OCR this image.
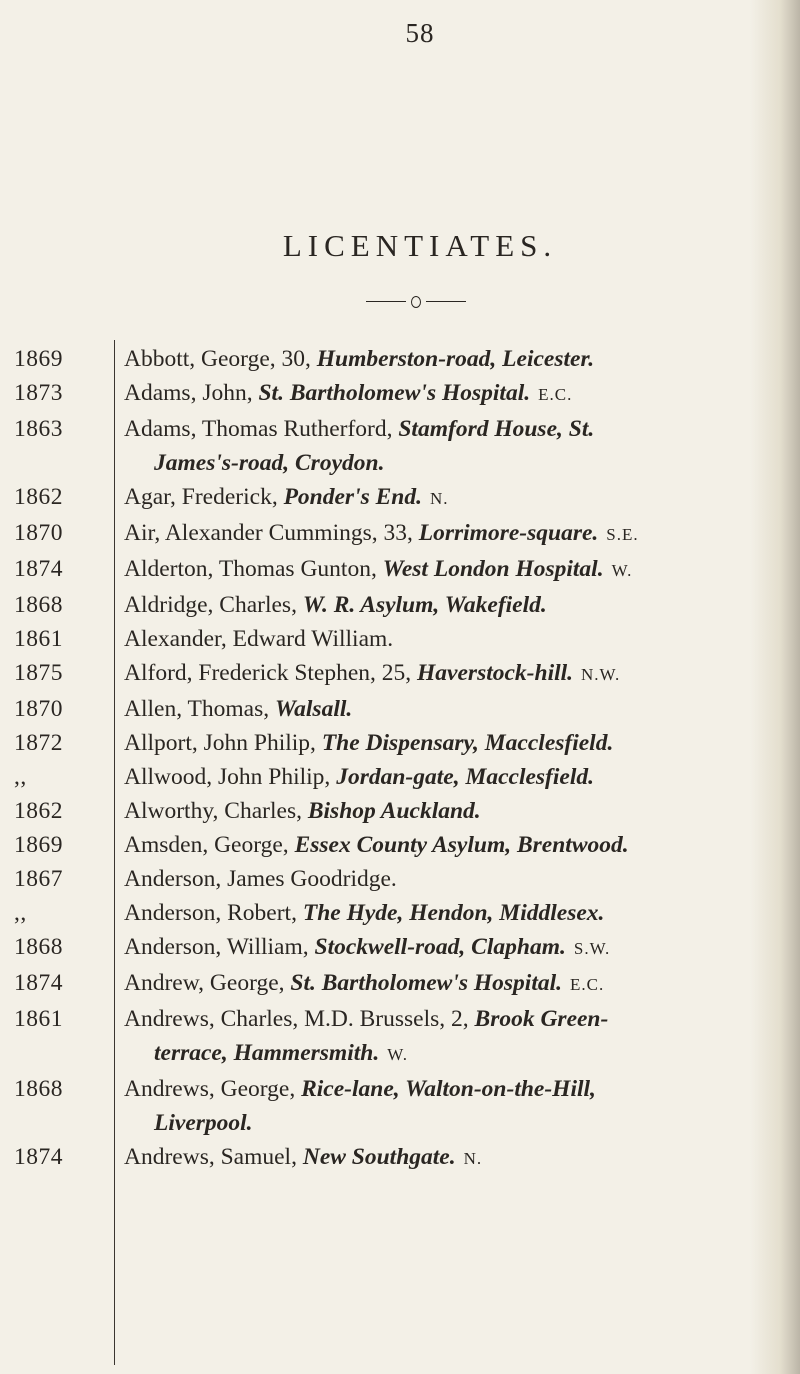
58
LICENTIATES.
1869	Abbott, George, 30, Humberston-road, Leicester.
1873	Adams, John, St. Bartholomew's Hospital. E.C.
1863	Adams, Thomas Rutherford, Stamford House, St.
James's-road, Croydon.
1862	Agar, Frederick, Ponder's End. N.
1870	Air, Alexander Cummings, 33, Lorrimore-square. S.E.
1874	Alderton, Thomas Gunton, West London Hospital. W.
1868	Aldridge, Charles, W. R. Asylum, Wakefield.
1861	Alexander, Edward William.
1875	Alford, Frederick Stephen, 25, Haverstock-hill. N.W.
1870	Allen, Thomas, Walsall.
1872	Allport, John Philip, The Dispensary, Macclesfield.
,,	Allwood, John Philip, Jordan-gate, Macclesfield.
1862	Alworthy, Charles, Bishop Auckland.
1869	Amsden, George, Essex County Asylum, Brentwood.
1867	Anderson, James Goodridge.
,,	Anderson, Robert, The Hyde, Hendon, Middlesex.
1868	Anderson, William, Stockwell-road, Clapham. S.W.
1874	Andrew, George, St. Bartholomew's Hospital. E.C.
1861	Andrews, Charles, M.D. Brussels, 2, Brook Green-
terrace, Hammersmith. W.
1868	Andrews, George, Rice-lane, Walton-on-the-Hill,
Liverpool.
1874	Andrews, Samuel, New Southgate. N.
